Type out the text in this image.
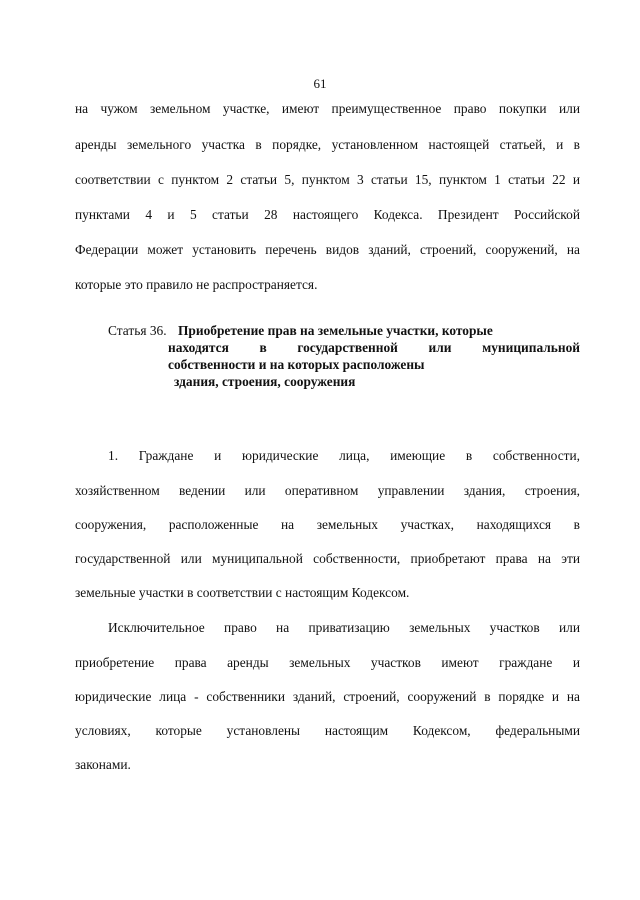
61
на чужом земельном участке, имеют преимущественное право покупки или
аренды земельного участка в порядке, установленном настоящей статьей, и в
соответствии с пунктом 2 статьи 5, пунктом 3 статьи 15, пунктом 1 статьи 22 и
пунктами 4 и 5 статьи 28 настоящего Кодекса. Президент Российской
Федерации может установить перечень видов зданий, строений, сооружений, на
которые это правило не распространяется.
Статья 36. Приобретение прав на земельные участки, которые
находятся в государственной или муниципальной
собственности и на которых расположены
здания, строения, сооружения
1. Граждане и юридические лица, имеющие в собственности,
хозяйственном ведении или оперативном управлении здания, строения,
сооружения, расположенные на земельных участках, находящихся в
государственной или муниципальной собственности, приобретают права на эти
земельные участки в соответствии с настоящим Кодексом.
Исключительное право на приватизацию земельных участков или
приобретение права аренды земельных участков имеют граждане и
юридические лица - собственники зданий, строений, сооружений в порядке и на
условиях, которые установлены настоящим Кодексом, федеральными
законами.
